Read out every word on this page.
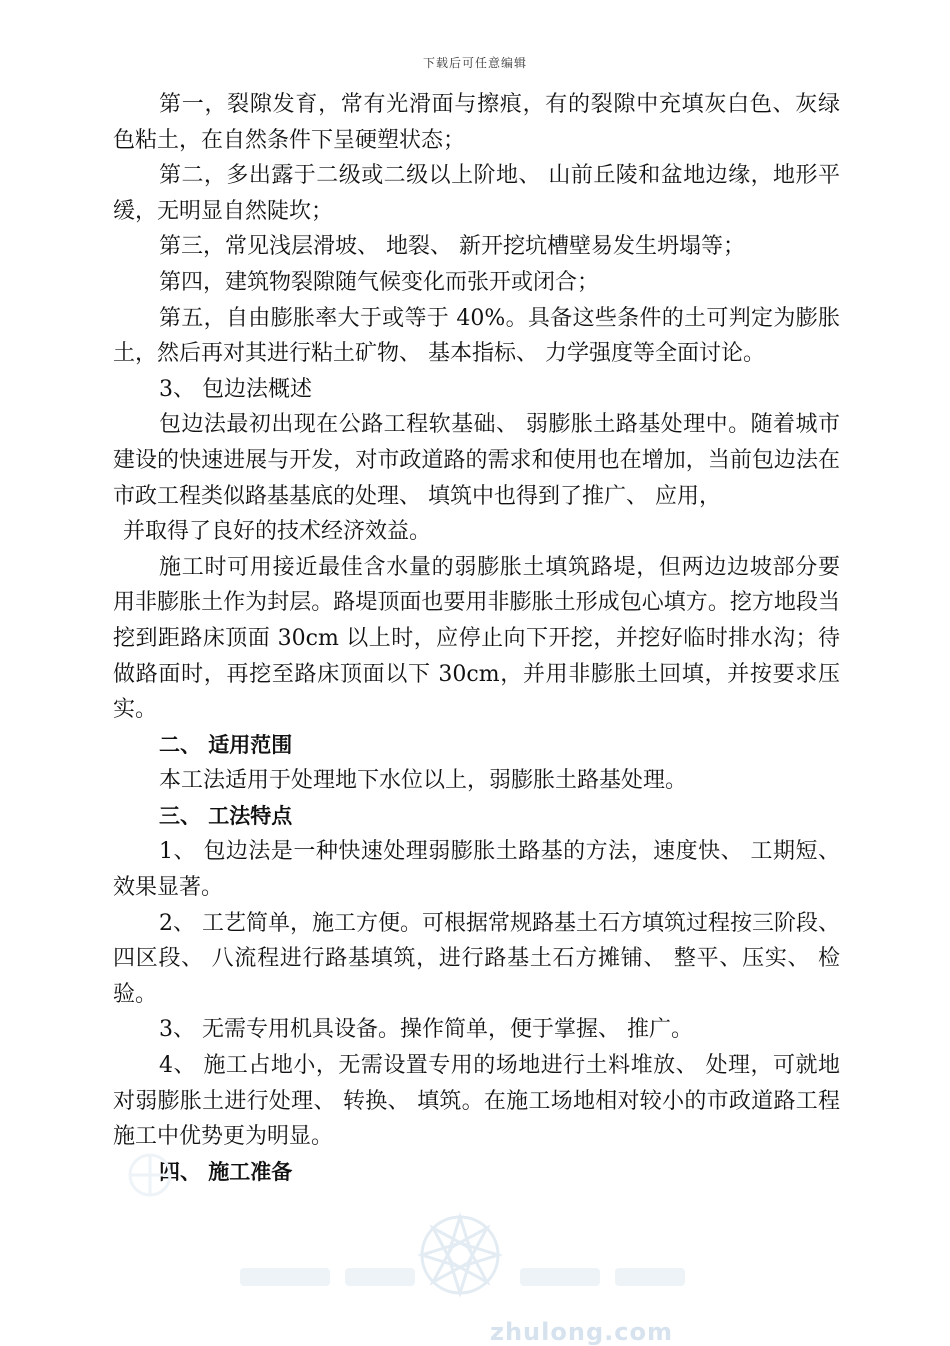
下载后可任意编辑

第一，裂隙发育，常有光滑面与擦痕，有的裂隙中充填灰白色、灰绿色粘土，在自然条件下呈硬塑状态；

第二，多出露于二级或二级以上阶地、 山前丘陵和盆地边缘，地形平缓，无明显自然陡坎；

第三，常见浅层滑坡、 地裂、 新开挖坑槽壁易发生坍塌等；

第四，建筑物裂隙随气候变化而张开或闭合；

第五，自由膨胀率大于或等于 40%。具备这些条件的土可判定为膨胀土，然后再对其进行粘土矿物、 基本指标、 力学强度等全面讨论。

3、 包边法概述

包边法最初出现在公路工程软基础、 弱膨胀土路基处理中。随着城市建设的快速进展与开发，对市政道路的需求和使用也在增加，当前包边法在市政工程类似路基基底的处理、 填筑中也得到了推广、 应用，

并取得了良好的技术经济效益。

施工时可用接近最佳含水量的弱膨胀土填筑路堤，但两边边坡部分要用非膨胀土作为封层。路堤顶面也要用非膨胀土形成包心填方。挖方地段当挖到距路床顶面 30cm 以上时，应停止向下开挖，并挖好临时排水沟；待做路面时，再挖至路床顶面以下 30cm，并用非膨胀土回填，并按要求压实。

二、 适用范围

本工法适用于处理地下水位以上，弱膨胀土路基处理。

三、 工法特点

1、 包边法是一种快速处理弱膨胀土路基的方法，速度快、 工期短、 效果显著。

2、 工艺简单，施工方便。可根据常规路基土石方填筑过程按三阶段、 四区段、 八流程进行路基填筑，进行路基土石方摊铺、 整平、压实、 检验。

3、 无需专用机具设备。操作简单，便于掌握、 推广。

4、 施工占地小，无需设置专用的场地进行土料堆放、 处理，可就地对弱膨胀土进行处理、 转换、 填筑。在施工场地相对较小的市政道路工程施工中优势更为明显。

四、 施工准备

zhulong.com
